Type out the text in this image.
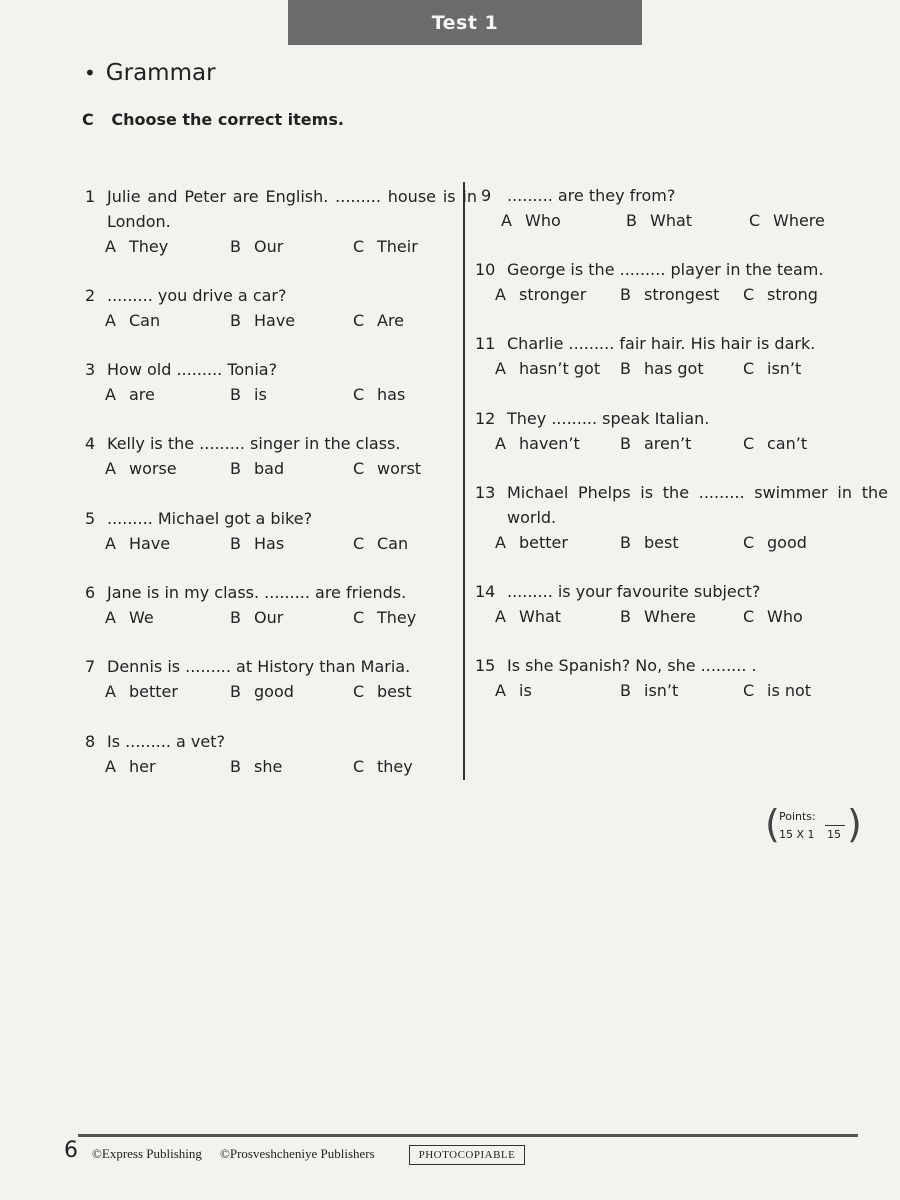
Test 1
• Grammar
C Choose the correct items.
1 Julie and Peter are English. ......... house is in London.
A They	B Our	C Their
2 ......... you drive a car?
A Can	B Have	C Are
3 How old ......... Tonia?
A are	B is	C has
4 Kelly is the ......... singer in the class.
A worse	B bad	C worst
5 ......... Michael got a bike?
A Have	B Has	C Can
6 Jane is in my class. ......... are friends.
A We	B Our	C They
7 Dennis is ......... at History than Maria.
A better	B good	C best
8 Is ......... a vet?
A her	B she	C they
9 ......... are they from?
A Who	B What	C Where
10 George is the ......... player in the team.
A stronger B strongest C strong
11 Charlie ......... fair hair. His hair is dark.
A hasn’t got B has got C isn’t
12 They ......... speak Italian.
A haven’t	B aren’t	C can’t
13 Michael Phelps is the ......... swimmer in the world.
A better	B best	C good
14 ......... is your favourite subject?
A What	B Where	C Who
15 Is she Spanish? No, she ......... .
A is	B isn’t	C is not
( Points:
15 X 1 15 )
6 ©Express Publishing ©Prosveshcheniye Publishers	PHOTOCOPIABLE
